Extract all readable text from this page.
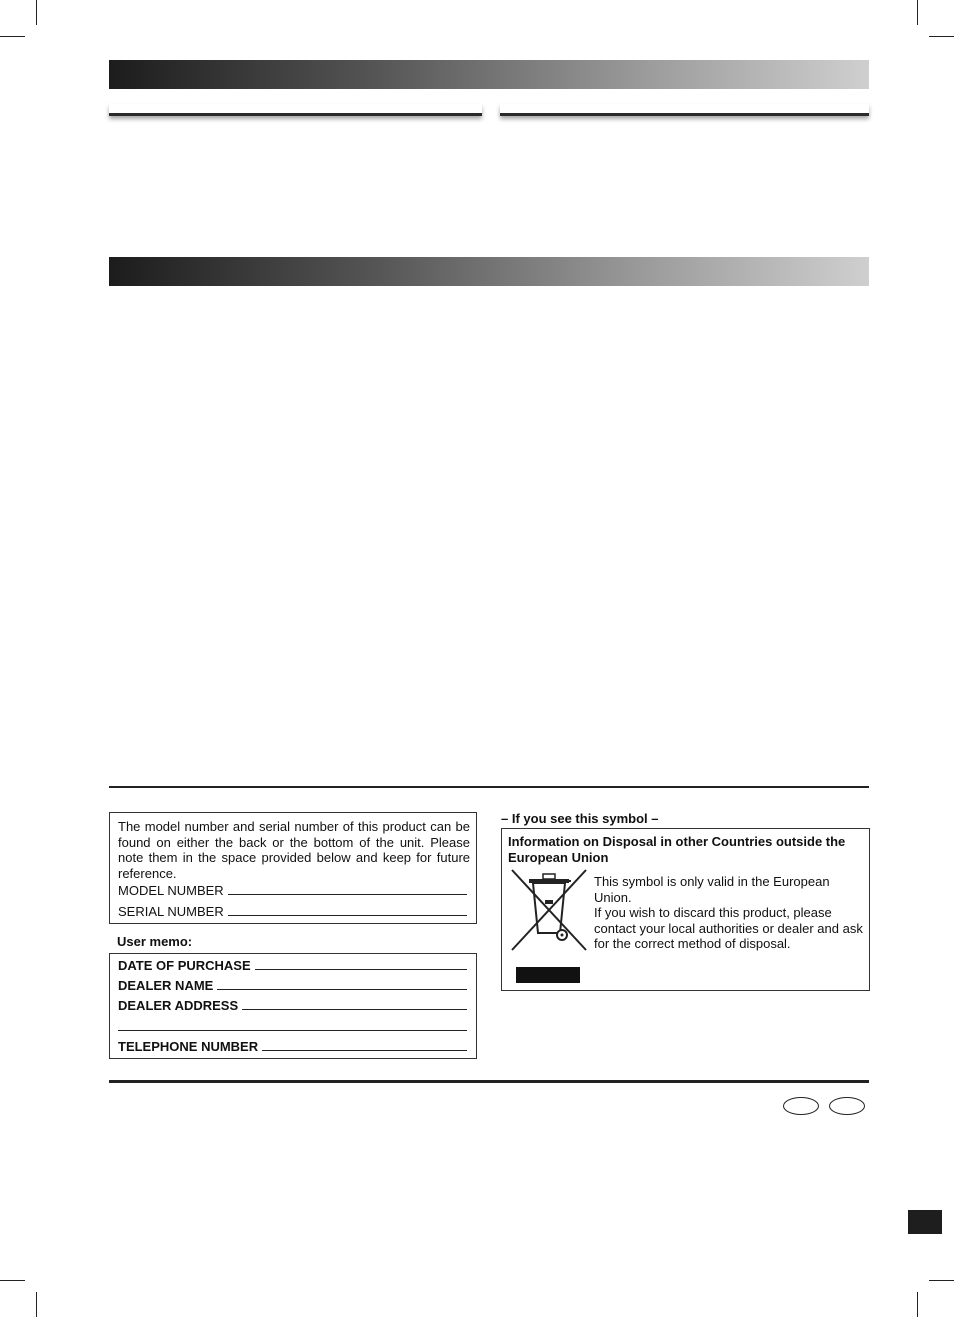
The model number and serial number of this product can be found on either the back or the bottom of the unit. Please note them in the space provided below and keep for future reference.
MODEL NUMBER
SERIAL NUMBER
User memo:
DATE OF PURCHASE
DEALER NAME
DEALER ADDRESS
TELEPHONE NUMBER
– If you see this symbol –
Information on Disposal in other Countries outside the European Union
This symbol is only valid in the European Union.
If you wish to discard this product, please contact your local authorities or dealer and ask for the correct method of disposal.
